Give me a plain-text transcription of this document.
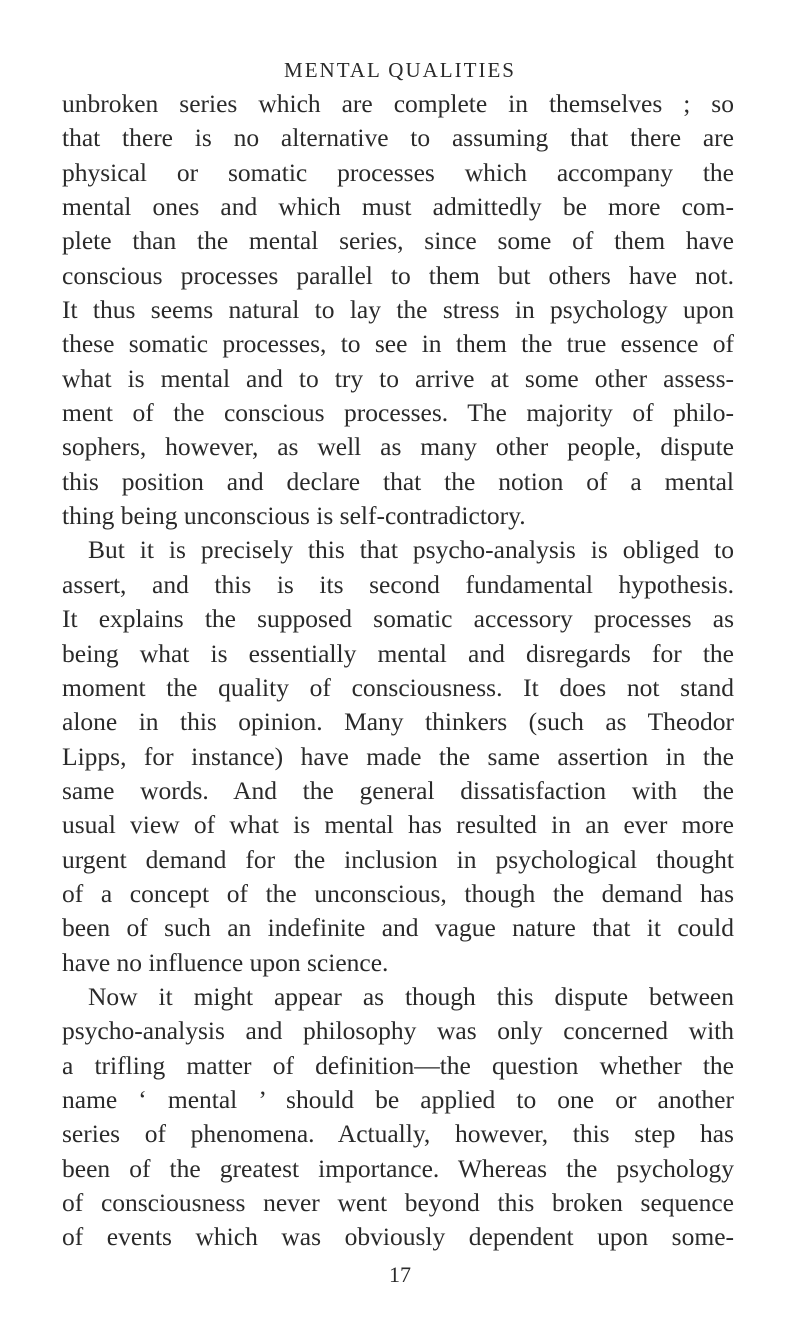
MENTAL QUALITIES
unbroken series which are complete in themselves ; so
that there is no alternative to assuming that there are
physical or somatic processes which accompany the
mental ones and which must admittedly be more com-
plete than the mental series, since some of them have
conscious processes parallel to them but others have not.
It thus seems natural to lay the stress in psychology upon
these somatic processes, to see in them the true essence of
what is mental and to try to arrive at some other assess-
ment of the conscious processes. The majority of philo-
sophers, however, as well as many other people, dispute
this position and declare that the notion of a mental
thing being unconscious is self-contradictory.
But it is precisely this that psycho-analysis is obliged to
assert, and this is its second fundamental hypothesis.
It explains the supposed somatic accessory processes as
being what is essentially mental and disregards for the
moment the quality of consciousness. It does not stand
alone in this opinion. Many thinkers (such as Theodor
Lipps, for instance) have made the same assertion in the
same words. And the general dissatisfaction with the
usual view of what is mental has resulted in an ever more
urgent demand for the inclusion in psychological thought
of a concept of the unconscious, though the demand has
been of such an indefinite and vague nature that it could
have no influence upon science.
Now it might appear as though this dispute between
psycho-analysis and philosophy was only concerned with
a trifling matter of definition—the question whether the
name ‘ mental ’ should be applied to one or another
series of phenomena. Actually, however, this step has
been of the greatest importance. Whereas the psychology
of consciousness never went beyond this broken sequence
of events which was obviously dependent upon some-
17
